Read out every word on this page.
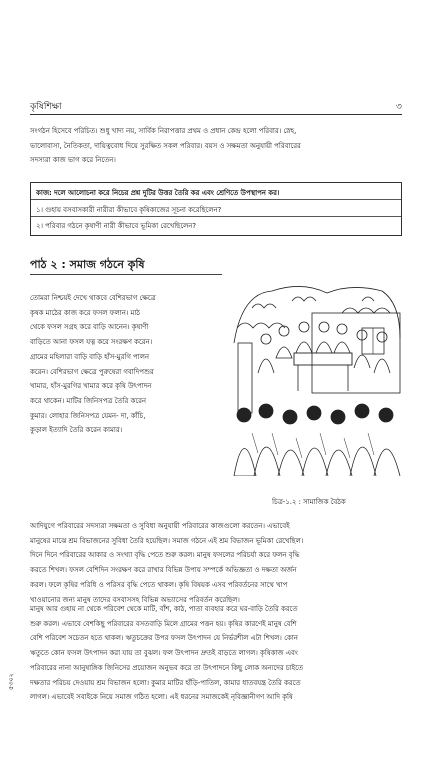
কৃষিশিক্ষা	৩
সংগঠন হিসেবে পরিচিত। শুধু খাদ্য নয়, সার্বিক নিরাপত্তার প্রথম ও প্রধান কেন্দ্র হলো পরিবার। স্নেহ,
ভালোবাসা, নৈতিকতা, দায়িত্ববোধ দিয়ে সুরক্ষিত সকল পরিবার। বয়স ও সক্ষমতা অনুযায়ী পরিবারের
সদস্যরা কাজ ভাগ করে নিতেন।
কাজ: দলে আলোচনা করে নিচের প্রশ্ন দুটির উত্তর তৈরি কর এবং শ্রেণিতে উপস্থাপন কর।
১। গুহায় বসবাসকারী নারীরা কীভাবে কৃষিকাজের সূচনা করেছিলেন?
২। পরিবার গঠনে কৃষাণী নারী কীভাবে ভূমিকা রেখেছিলেন?
পাঠ ২ : সমাজ গঠনে কৃষি
তোমরা নিশ্চয়ই দেখে থাকবে বেশিরভাগ ক্ষেত্রে
কৃষক মাঠের কাজ করে ফসল ফলান। মাঠ
থেকে ফসল সগ্রহ করে বাড়ি আনেন। কৃষাণী
বাড়িতে আনা ফসল যত্ন করে সংরক্ষণ করেন।
গ্রামের মহিলারা বাড়ি বাড়ি হাঁস-মুরগি পালন
করেন। বেশিরভাগ ক্ষেত্রে পুরুষেরা গবাদিপশুর
খামার, হাঁস-মুরগির খামার করে কৃষি উৎপাদন
করে থাকেন। মাটির জিনিসপত্র তৈরি করেন
কুমার। লোহার জিনিসপত্র যেমন- দা, কাঁচি,
কুড়াল ইত্যাদি তৈরি করেন কামার।
চিত্র-১.২ : সামাজিক বৈঠক
আদিযুগে পরিবারের সদস্যরা সক্ষমতা ও সুবিধা অনুযায়ী পরিবারের কাজগুলো করতেন। এভাবেই
মানুষের মাঝে শ্রম বিভাজনের সুবিধা তৈরি হয়েছিল। সমাজ গঠনে এই শ্রম বিভাজন ভূমিকা রেখেছিল।
দিনে দিনে পরিবারের আকার ও সংখ্যা বৃদ্ধি পেতে শুরু করল। মানুষ ফসলের পরিচর্যা করে ফলন বৃদ্ধি
করতে শিখল। ফসল বেশিদিন সংরক্ষণ করে রাখার বিভিন্ন উপায় সম্পর্কে অভিজ্ঞতা ও দক্ষতা অর্জন
করল। ফলে কৃষির পরিধি ও পরিসর বৃদ্ধি পেতে থাকল। কৃষি বিষয়ক এসব পরিবর্তনের সাথে খাপ
খাওয়ানোর জন্য মানুষ তাদের বসবাসসহ বিভিন্ন অভ্যাসের পরিবর্তন করেছিল।
মানুষ আর গুহায় না থেকে পরিবেশ থেকে মাটি, বাঁশ, কাঠ, পাতা ব্যবহার করে ঘর-বাড়ি তৈরি করতে
শুরু করল। এভাবে বেশকিছু পরিবারের বসতবাড়ি মিলে গ্রামের পত্তন হয়। কৃষির কারণেই মানুষ বেশি
বেশি পরিবেশ সচেতন হতে থাকল। ঋতুচক্রের উপর ফসল উৎপাদন যে নির্ভরশীল এটা শিখল। কোন
ঋতুতে কোন ফসল উৎপাদন করা যায় তা বুঝল। ফল উৎপাদন দ্রুতই বাড়তে লাগল। কৃষিকাজ এবং
পরিবারের নানা আনুষাঙ্গিক জিনিসের প্রয়োজন অনুভব করে তা উৎপাদনে কিছু লোক অন্যদের চাইতে
দক্ষতার পরিচয় দেওয়ায় শ্রম বিভাজন হলো। কুমার মাটির হাঁড়ি-পাতিল, কামার ধাতবযন্ত্র তৈরি করতে
লাগল। এভাবেই সবাইকে নিয়ে সমাজ গঠিত হলো। এই ধরনের সমাজকেই নৃবিজ্ঞানীগণ আদি কৃষি
৫৩০২
